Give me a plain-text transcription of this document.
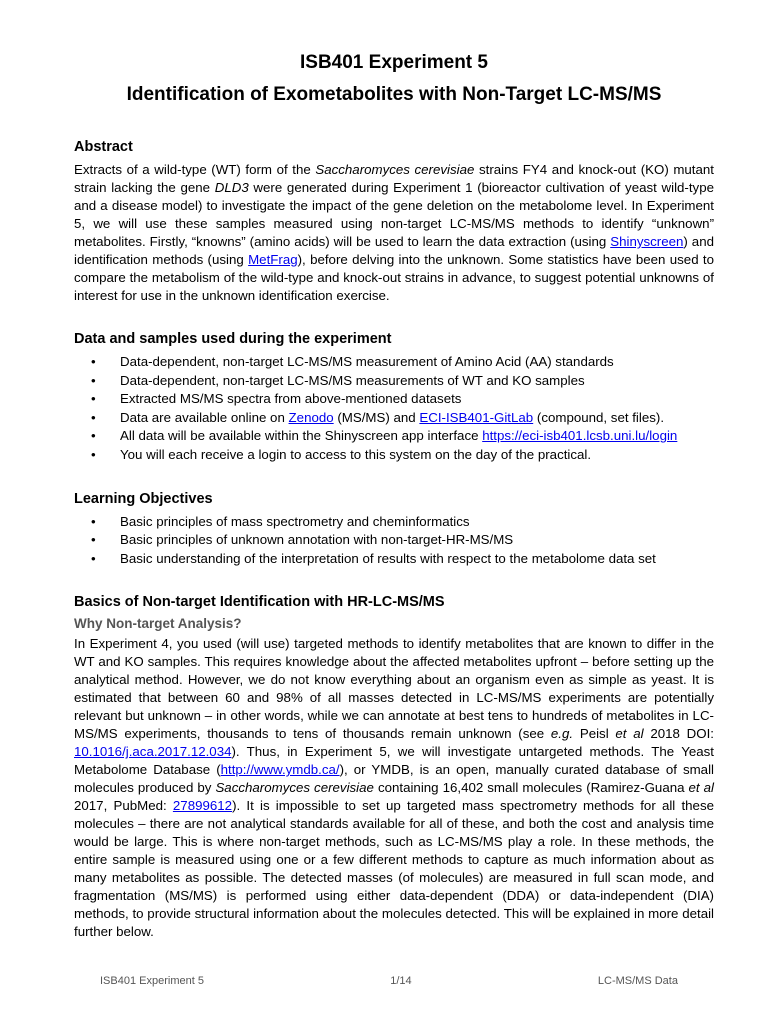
ISB401 Experiment 5
Identification of Exometabolites with Non-Target LC-MS/MS
Abstract

Extracts of a wild-type (WT) form of the Saccharomyces cerevisiae strains FY4 and knock-out (KO) mutant strain lacking the gene DLD3 were generated during Experiment 1 (bioreactor cultivation of yeast wild-type and a disease model) to investigate the impact of the gene deletion on the metabolome level. In Experiment 5, we will use these samples measured using non-target LC-MS/MS methods to identify “unknown” metabolites. Firstly, “knowns” (amino acids) will be used to learn the data extraction (using Shinyscreen) and identification methods (using MetFrag), before delving into the unknown. Some statistics have been used to compare the metabolism of the wild-type and knock-out strains in advance, to suggest potential unknowns of interest for use in the unknown identification exercise.

Data and samples used during the experiment
• Data-dependent, non-target LC-MS/MS measurement of Amino Acid (AA) standards
• Data-dependent, non-target LC-MS/MS measurements of WT and KO samples
• Extracted MS/MS spectra from above-mentioned datasets
• Data are available online on Zenodo (MS/MS) and ECI-ISB401-GitLab (compound, set files).
• All data will be available within the Shinyscreen app interface https://eci-isb401.lcsb.uni.lu/login
• You will each receive a login to access to this system on the day of the practical.
Learning Objectives
• Basic principles of mass spectrometry and cheminformatics
• Basic principles of unknown annotation with non-target-HR-MS/MS
• Basic understanding of the interpretation of results with respect to the metabolome data set
Basics of Non-target Identification with HR-LC-MS/MS
Why Non-target Analysis?

In Experiment 4, you used (will use) targeted methods to identify metabolites that are known to differ in the WT and KO samples. This requires knowledge about the affected metabolites upfront – before setting up the analytical method. However, we do not know everything about an organism even as simple as yeast. It is estimated that between 60 and 98% of all masses detected in LC-MS/MS experiments are potentially relevant but unknown – in other words, while we can annotate at best tens to hundreds of metabolites in LC-MS/MS experiments, thousands to tens of thousands remain unknown (see e.g. Peisl et al 2018 DOI: 10.1016/j.aca.2017.12.034). Thus, in Experiment 5, we will investigate untargeted methods. The Yeast Metabolome Database (http://www.ymdb.ca/), or YMDB, is an open, manually curated database of small molecules produced by Saccharomyces cerevisiae containing 16,402 small molecules (Ramirez-Guana et al 2017, PubMed: 27899612). It is impossible to set up targeted mass spectrometry methods for all these molecules – there are not analytical standards available for all of these, and both the cost and analysis time would be large. This is where non-target methods, such as LC-MS/MS play a role. In these methods, the entire sample is measured using one or a few different methods to capture as much information about as many metabolites as possible. The detected masses (of molecules) are measured in full scan mode, and fragmentation (MS/MS) is performed using either data-dependent (DDA) or data-independent (DIA) methods, to provide structural information about the molecules detected. This will be explained in more detail further below.

ISB401 Experiment 5	1/14	LC-MS/MS Data
